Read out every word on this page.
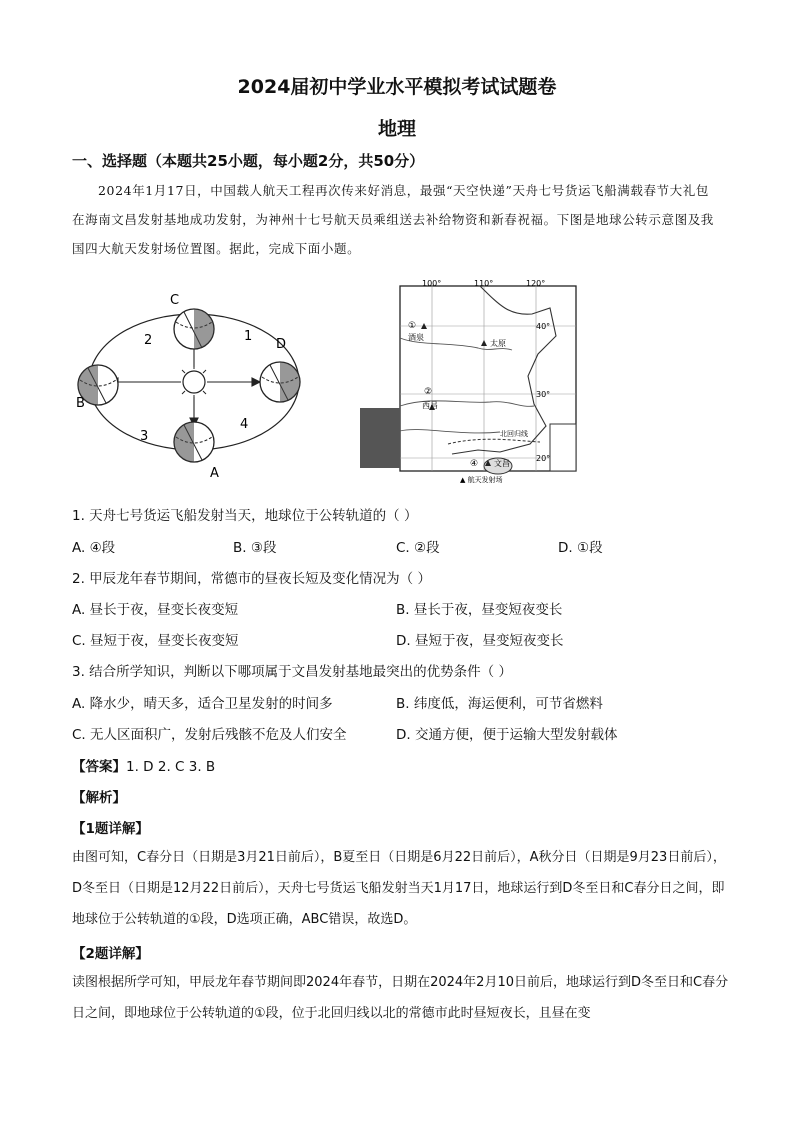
2024届初中学业水平模拟考试试题卷
地理
一、选择题（本题共25小题，每小题2分，共50分）
2024年1月17日，中国载人航天工程再次传来好消息，最强“天空快递”天舟七号货运飞船满载春节大礼包在海南文昌发射基地成功发射，为神州十七号航天员乘组送去补给物资和新春祝福。下图是地球公转示意图及我国四大航天发射场位置图。据此，完成下面小题。
C
A
B
D
1
2
3
4
100°	110°	120°
40°
30°
20°
①
酒泉
太原
②
西昌
北回归线
④ 文昌
▲ 航天发射场
1. 天舟七号货运飞船发射当天，地球位于公转轨道的（ ）
A. ④段	B. ③段	C. ②段	D. ①段
2. 甲辰龙年春节期间，常德市的昼夜长短及变化情况为（ ）
A. 昼长于夜，昼变长夜变短	B. 昼长于夜，昼变短夜变长
C. 昼短于夜，昼变长夜变短	D. 昼短于夜，昼变短夜变长
3. 结合所学知识，判断以下哪项属于文昌发射基地最突出的优势条件（ ）
A. 降水少，晴天多，适合卫星发射的时间多	B. 纬度低，海运便利，可节省燃料
C. 无人区面积广，发射后残骸不危及人们安全	D. 交通方便，便于运输大型发射载体
【答案】1. D 2. C 3. B
【解析】
【1题详解】
由图可知，C春分日（日期是3月21日前后），B夏至日（日期是6月22日前后），A秋分日（日期是9月23日前后），D冬至日（日期是12月22日前后），天舟七号货运飞船发射当天1月17日，地球运行到D冬至日和C春分日之间，即地球位于公转轨道的①段，D选项正确，ABC错误，故选D。
【2题详解】
读图根据所学可知，甲辰龙年春节期间即2024年春节，日期在2024年2月10日前后，地球运行到D冬至日和C春分日之间，即地球位于公转轨道的①段，位于北回归线以北的常德市此时昼短夜长，且昼在变
